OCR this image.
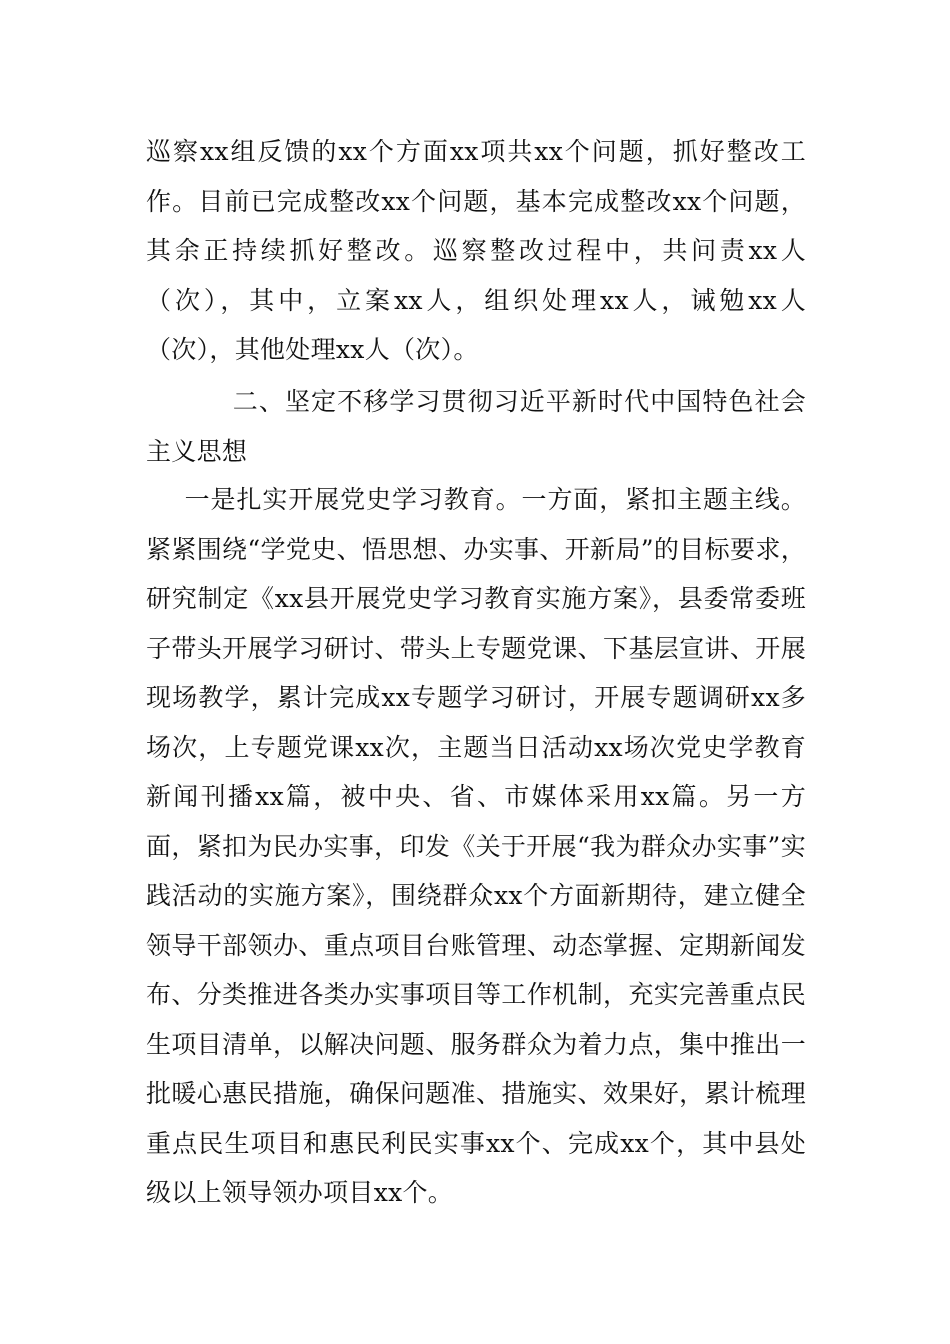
巡察xx组反馈的xx个方面xx项共xx个问题，抓好整改工作。目前已完成整改xx个问题，基本完成整改xx个问题，其余正持续抓好整改。巡察整改过程中，共问责xx人（次），其中，立案xx人，组织处理xx人，诫勉xx人（次），其他处理xx人（次）。

二、坚定不移学习贯彻习近平新时代中国特色社会主义思想

一是扎实开展党史学习教育。一方面，紧扣主题主线。紧紧围绕“学党史、悟思想、办实事、开新局”的目标要求，研究制定《xx县开展党史学习教育实施方案》，县委常委班子带头开展学习研讨、带头上专题党课、下基层宣讲、开展现场教学，累计完成xx专题学习研讨，开展专题调研xx多场次，上专题党课xx次，主题当日活动xx场次党史学教育新闻刊播xx篇，被中央、省、市媒体采用xx篇。另一方面，紧扣为民办实事，印发《关于开展“我为群众办实事”实践活动的实施方案》，围绕群众xx个方面新期待，建立健全领导干部领办、重点项目台账管理、动态掌握、定期新闻发布、分类推进各类办实事项目等工作机制，充实完善重点民生项目清单，以解决问题、服务群众为着力点，集中推出一批暖心惠民措施，确保问题准、措施实、效果好，累计梳理重点民生项目和惠民利民实事xx个、完成xx个，其中县处级以上领导领办项目xx个。
